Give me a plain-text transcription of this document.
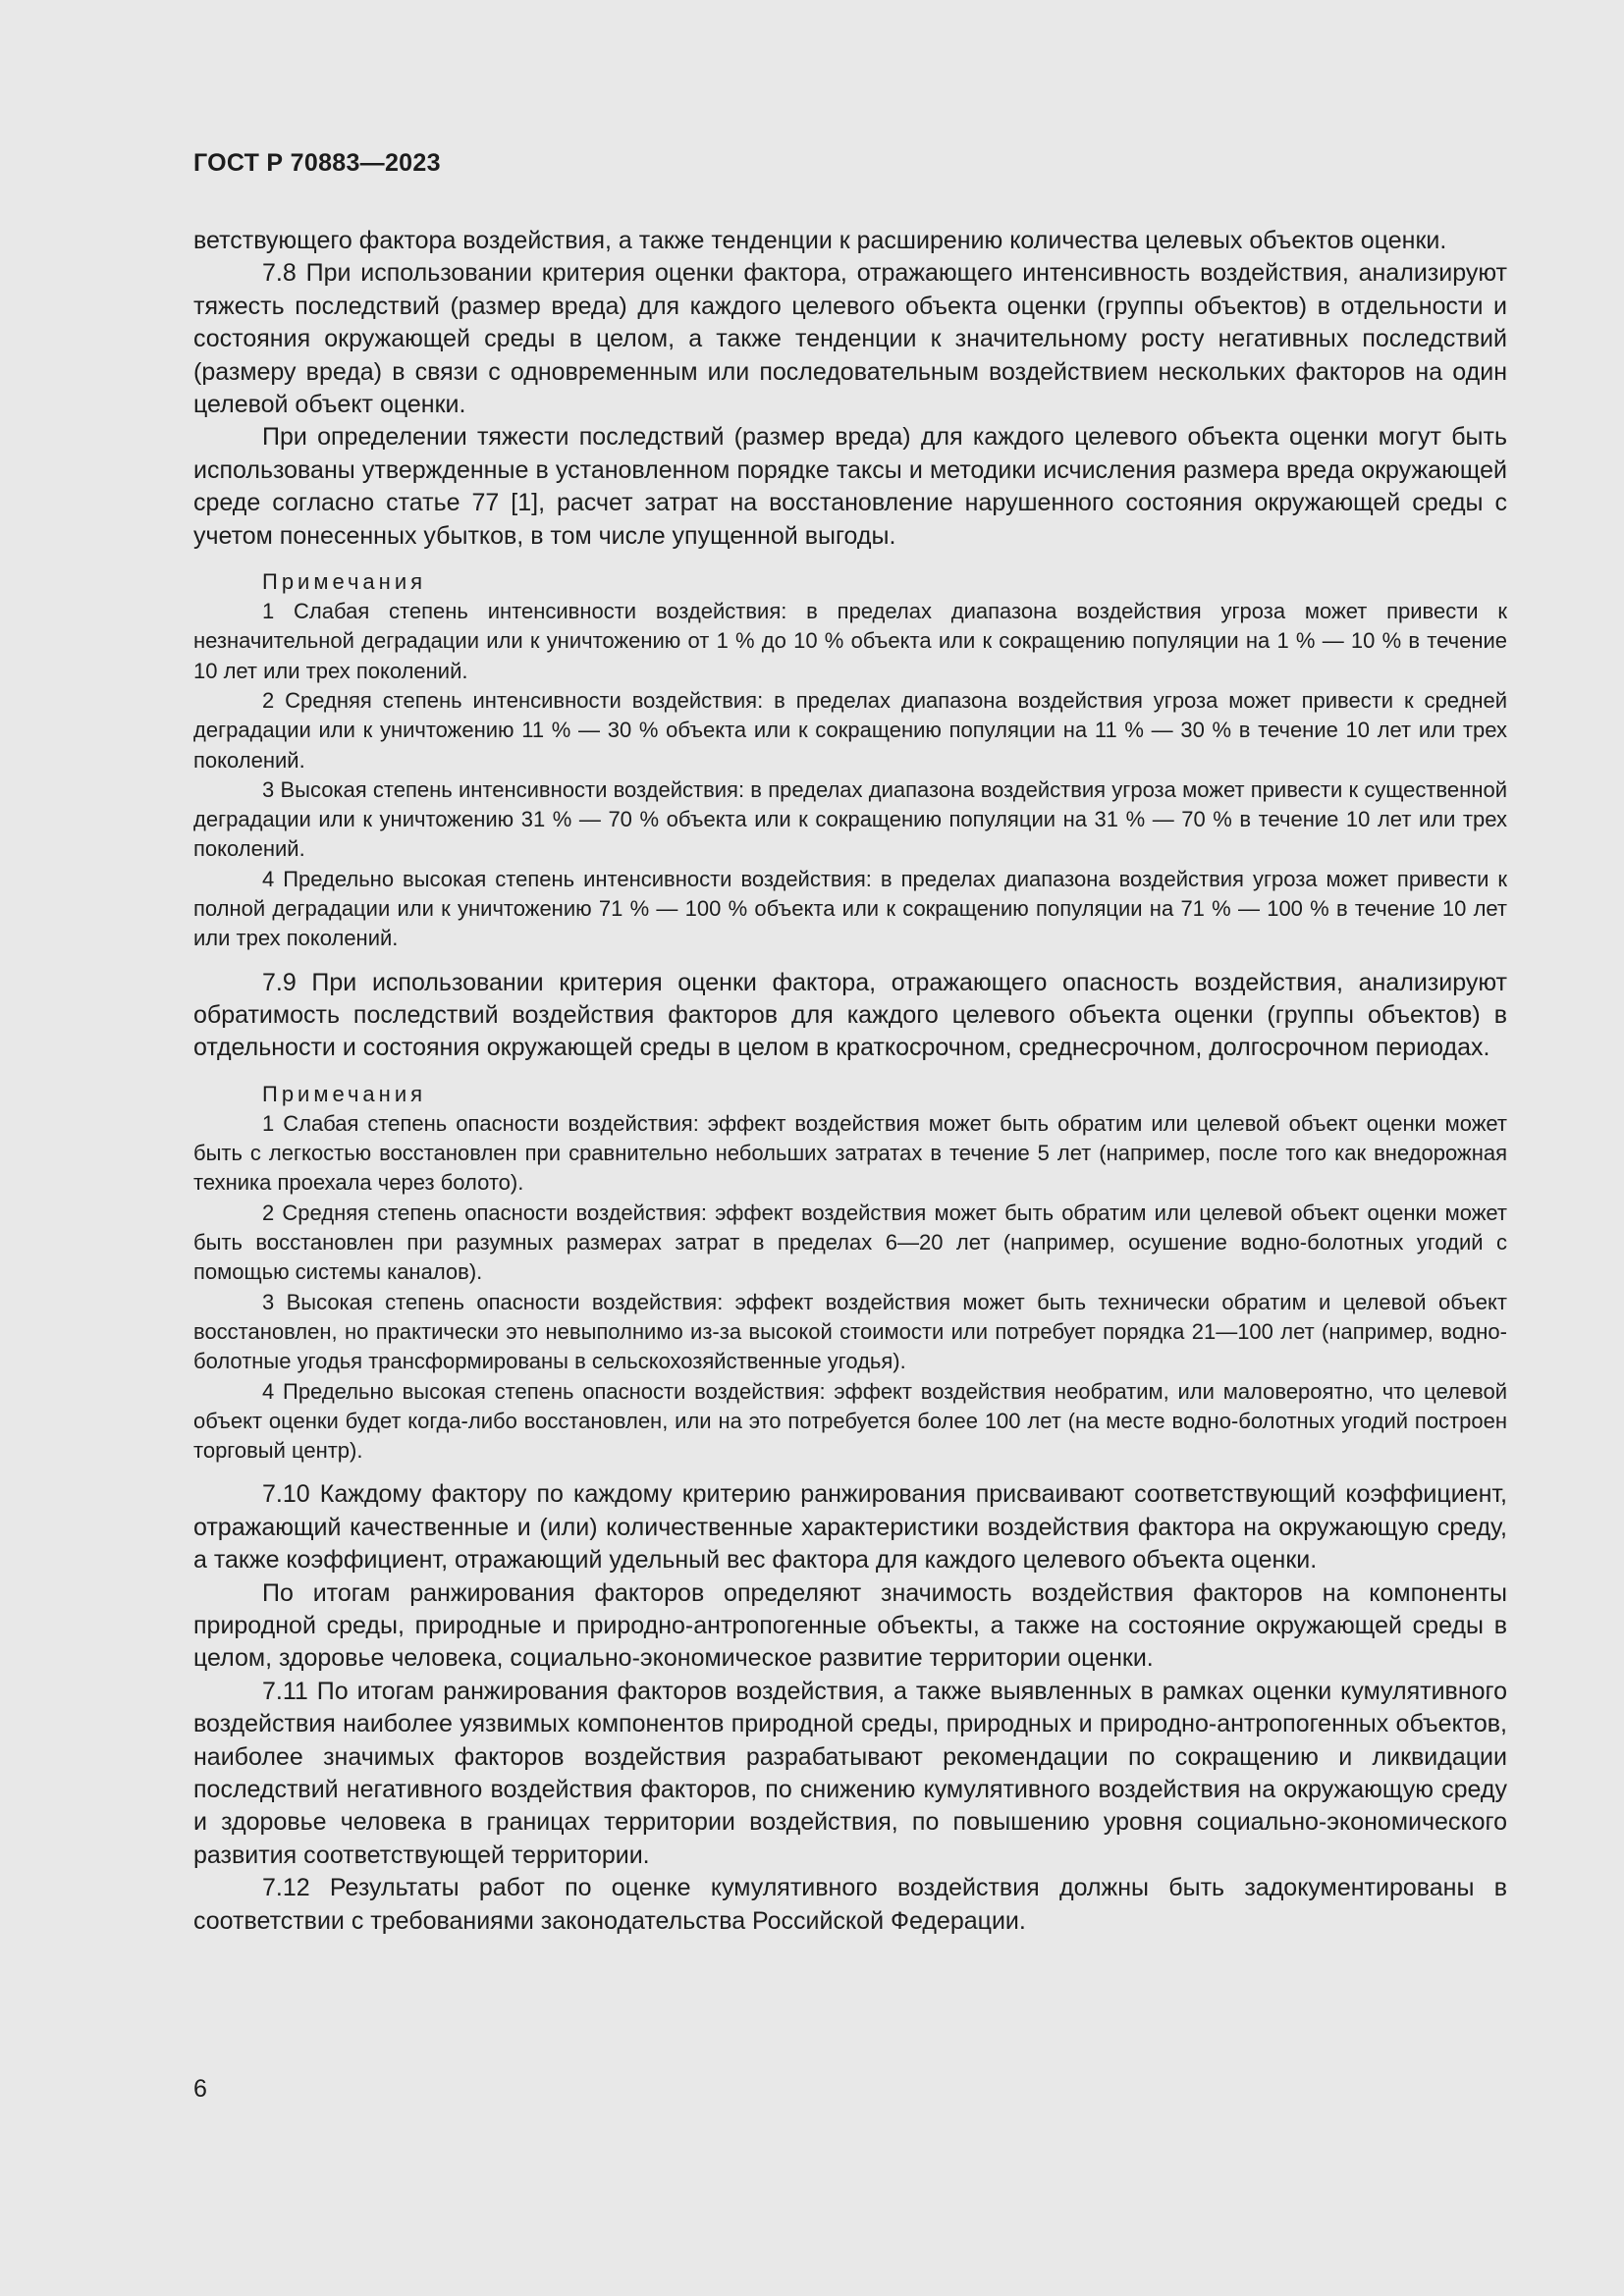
ГОСТ Р 70883—2023

ветствующего фактора воздействия, а также тенденции к расширению количества целевых объектов оценки.

7.8 При использовании критерия оценки фактора, отражающего интенсивность воздействия, анализируют тяжесть последствий (размер вреда) для каждого целевого объекта оценки (группы объектов) в отдельности и состояния окружающей среды в целом, а также тенденции к значительному росту негативных последствий (размеру вреда) в связи с одновременным или последовательным воздействием нескольких факторов на один целевой объект оценки.

При определении тяжести последствий (размер вреда) для каждого целевого объекта оценки могут быть использованы утвержденные в установленном порядке таксы и методики исчисления размера вреда окружающей среде согласно статье 77 [1], расчет затрат на восстановление нарушенного состояния окружающей среды с учетом понесенных убытков, в том числе упущенной выгоды.

Примечания

1 Слабая степень интенсивности воздействия: в пределах диапазона воздействия угроза может привести к незначительной деградации или к уничтожению от 1 % до 10 % объекта или к сокращению популяции на 1 % — 10 % в течение 10 лет или трех поколений.

2 Средняя степень интенсивности воздействия: в пределах диапазона воздействия угроза может привести к средней деградации или к уничтожению 11 % — 30 % объекта или к сокращению популяции на 11 % — 30 % в течение 10 лет или трех поколений.

3 Высокая степень интенсивности воздействия: в пределах диапазона воздействия угроза может привести к существенной деградации или к уничтожению 31 % — 70 % объекта или к сокращению популяции на 31 % — 70 % в течение 10 лет или трех поколений.

4 Предельно высокая степень интенсивности воздействия: в пределах диапазона воздействия угроза может привести к полной деградации или к уничтожению 71 % — 100 % объекта или к сокращению популяции на 71 % — 100 % в течение 10 лет или трех поколений.

7.9 При использовании критерия оценки фактора, отражающего опасность воздействия, анализируют обратимость последствий воздействия факторов для каждого целевого объекта оценки (группы объектов) в отдельности и состояния окружающей среды в целом в краткосрочном, среднесрочном, долгосрочном периодах.

Примечания

1 Слабая степень опасности воздействия: эффект воздействия может быть обратим или целевой объект оценки может быть с легкостью восстановлен при сравнительно небольших затратах в течение 5 лет (например, после того как внедорожная техника проехала через болото).

2 Средняя степень опасности воздействия: эффект воздействия может быть обратим или целевой объект оценки может быть восстановлен при разумных размерах затрат в пределах 6—20 лет (например, осушение водно-болотных угодий с помощью системы каналов).

3 Высокая степень опасности воздействия: эффект воздействия может быть технически обратим и целевой объект восстановлен, но практически это невыполнимо из-за высокой стоимости или потребует порядка 21—100 лет (например, водно-болотные угодья трансформированы в сельскохозяйственные угодья).

4 Предельно высокая степень опасности воздействия: эффект воздействия необратим, или маловероятно, что целевой объект оценки будет когда-либо восстановлен, или на это потребуется более 100 лет (на месте водно-болотных угодий построен торговый центр).

7.10 Каждому фактору по каждому критерию ранжирования присваивают соответствующий коэффициент, отражающий качественные и (или) количественные характеристики воздействия фактора на окружающую среду, а также коэффициент, отражающий удельный вес фактора для каждого целевого объекта оценки.

По итогам ранжирования факторов определяют значимость воздействия факторов на компоненты природной среды, природные и природно-антропогенные объекты, а также на состояние окружающей среды в целом, здоровье человека, социально-экономическое развитие территории оценки.

7.11 По итогам ранжирования факторов воздействия, а также выявленных в рамках оценки кумулятивного воздействия наиболее уязвимых компонентов природной среды, природных и природно-антропогенных объектов, наиболее значимых факторов воздействия разрабатывают рекомендации по сокращению и ликвидации последствий негативного воздействия факторов, по снижению кумулятивного воздействия на окружающую среду и здоровье человека в границах территории воздействия, по повышению уровня социально-экономического развития соответствующей территории.

7.12 Результаты работ по оценке кумулятивного воздействия должны быть задокументированы в соответствии с требованиями законодательства Российской Федерации.

6
